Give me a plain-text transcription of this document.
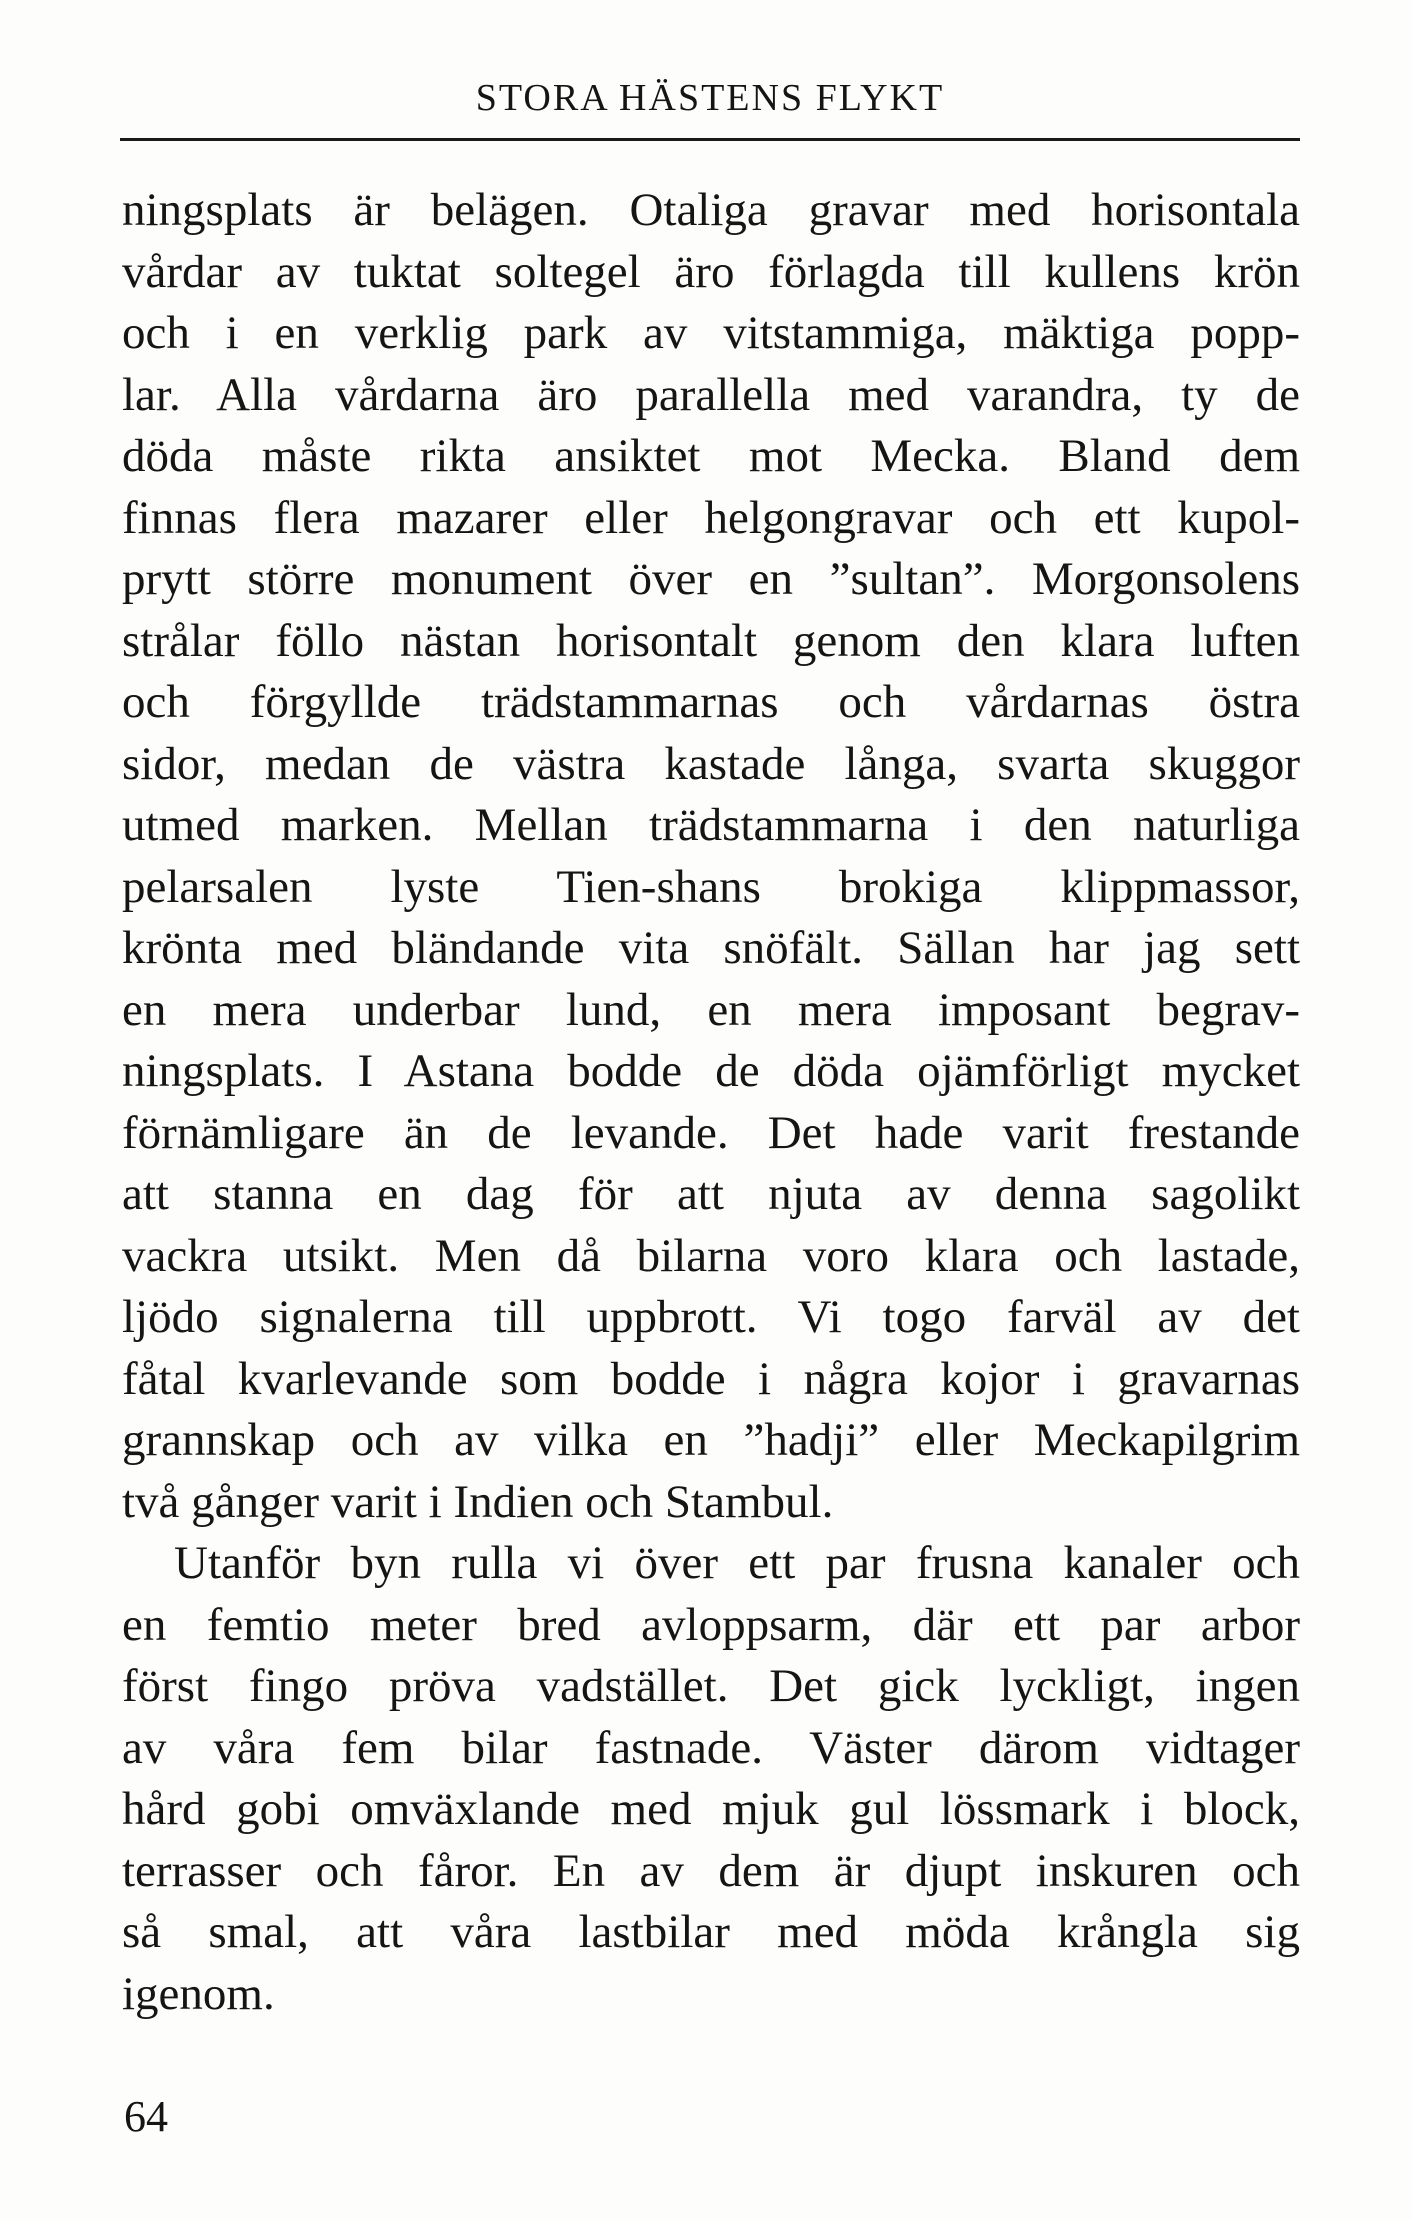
STORA HÄSTENS FLYKT
ningsplats är belägen. Otaliga gravar med horisontala
vårdar av tuktat soltegel äro förlagda till kullens krön
och i en verklig park av vitstammiga, mäktiga popp-
lar. Alla vårdarna äro parallella med varandra, ty de
döda måste rikta ansiktet mot Mecka. Bland dem
finnas flera mazarer eller helgongravar och ett kupol-
prytt större monument över en ”sultan”. Morgonsolens
strålar föllo nästan horisontalt genom den klara luften
och förgyllde trädstammarnas och vårdarnas östra
sidor, medan de västra kastade långa, svarta skuggor
utmed marken. Mellan trädstammarna i den naturliga
pelarsalen lyste Tien-shans brokiga klippmassor,
krönta med bländande vita snöfält. Sällan har jag sett
en mera underbar lund, en mera imposant begrav-
ningsplats. I Astana bodde de döda ojämförligt mycket
förnämligare än de levande. Det hade varit frestande
att stanna en dag för att njuta av denna sagolikt
vackra utsikt. Men då bilarna voro klara och lastade,
ljödo signalerna till uppbrott. Vi togo farväl av det
fåtal kvarlevande som bodde i några kojor i gravarnas
grannskap och av vilka en ”hadji” eller Meckapilgrim
två gånger varit i Indien och Stambul.
Utanför byn rulla vi över ett par frusna kanaler och
en femtio meter bred avloppsarm, där ett par arbor
först fingo pröva vadstället. Det gick lyckligt, ingen
av våra fem bilar fastnade. Väster därom vidtager
hård gobi omväxlande med mjuk gul lössmark i block,
terrasser och fåror. En av dem är djupt inskuren och
så smal, att våra lastbilar med möda krångla sig
igenom.
64
